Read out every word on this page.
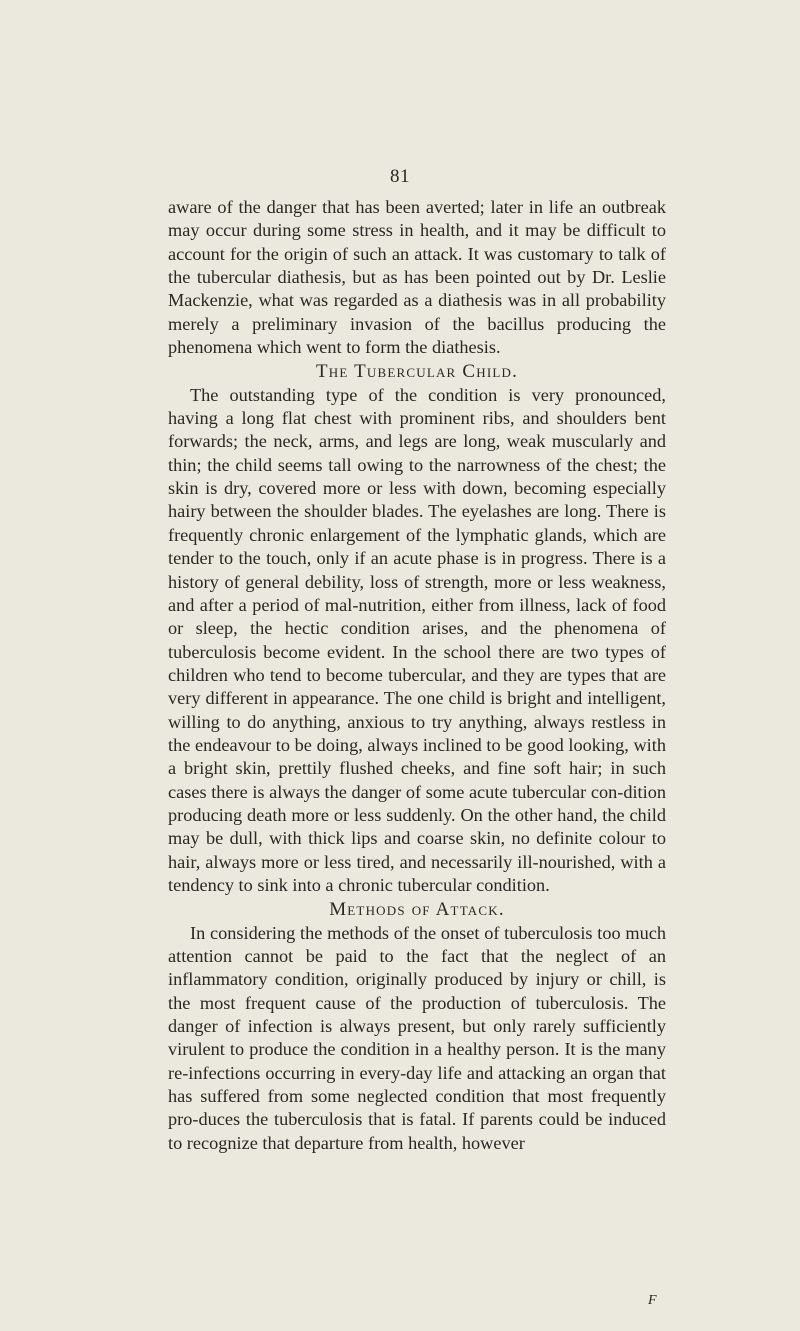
81

aware of the danger that has been averted; later in life an outbreak may occur during some stress in health, and it may be difficult to account for the origin of such an attack. It was customary to talk of the tubercular diathesis, but as has been pointed out by Dr. Leslie Mackenzie, what was regarded as a diathesis was in all probability merely a preliminary invasion of the bacillus producing the phenomena which went to form the diathesis.

The Tubercular Child.

The outstanding type of the condition is very pronounced, having a long flat chest with prominent ribs, and shoulders bent forwards; the neck, arms, and legs are long, weak muscularly and thin; the child seems tall owing to the narrowness of the chest; the skin is dry, covered more or less with down, becoming especially hairy between the shoulder blades. The eyelashes are long. There is frequently chronic enlargement of the lymphatic glands, which are tender to the touch, only if an acute phase is in progress. There is a history of general debility, loss of strength, more or less weakness, and after a period of mal-nutrition, either from illness, lack of food or sleep, the hectic condition arises, and the phenomena of tuberculosis become evident. In the school there are two types of children who tend to become tubercular, and they are types that are very different in appearance. The one child is bright and intelligent, willing to do anything, anxious to try anything, always restless in the endeavour to be doing, always inclined to be good looking, with a bright skin, prettily flushed cheeks, and fine soft hair; in such cases there is always the danger of some acute tubercular con-dition producing death more or less suddenly. On the other hand, the child may be dull, with thick lips and coarse skin, no definite colour to hair, always more or less tired, and necessarily ill-nourished, with a tendency to sink into a chronic tubercular condition.

Methods of Attack.

In considering the methods of the onset of tuberculosis too much attention cannot be paid to the fact that the neglect of an inflammatory condition, originally produced by injury or chill, is the most frequent cause of the production of tuberculosis. The danger of infection is always present, but only rarely sufficiently virulent to produce the condition in a healthy person. It is the many re-infections occurring in every-day life and attacking an organ that has suffered from some neglected condition that most frequently pro-duces the tuberculosis that is fatal. If parents could be induced to recognize that departure from health, however

F
